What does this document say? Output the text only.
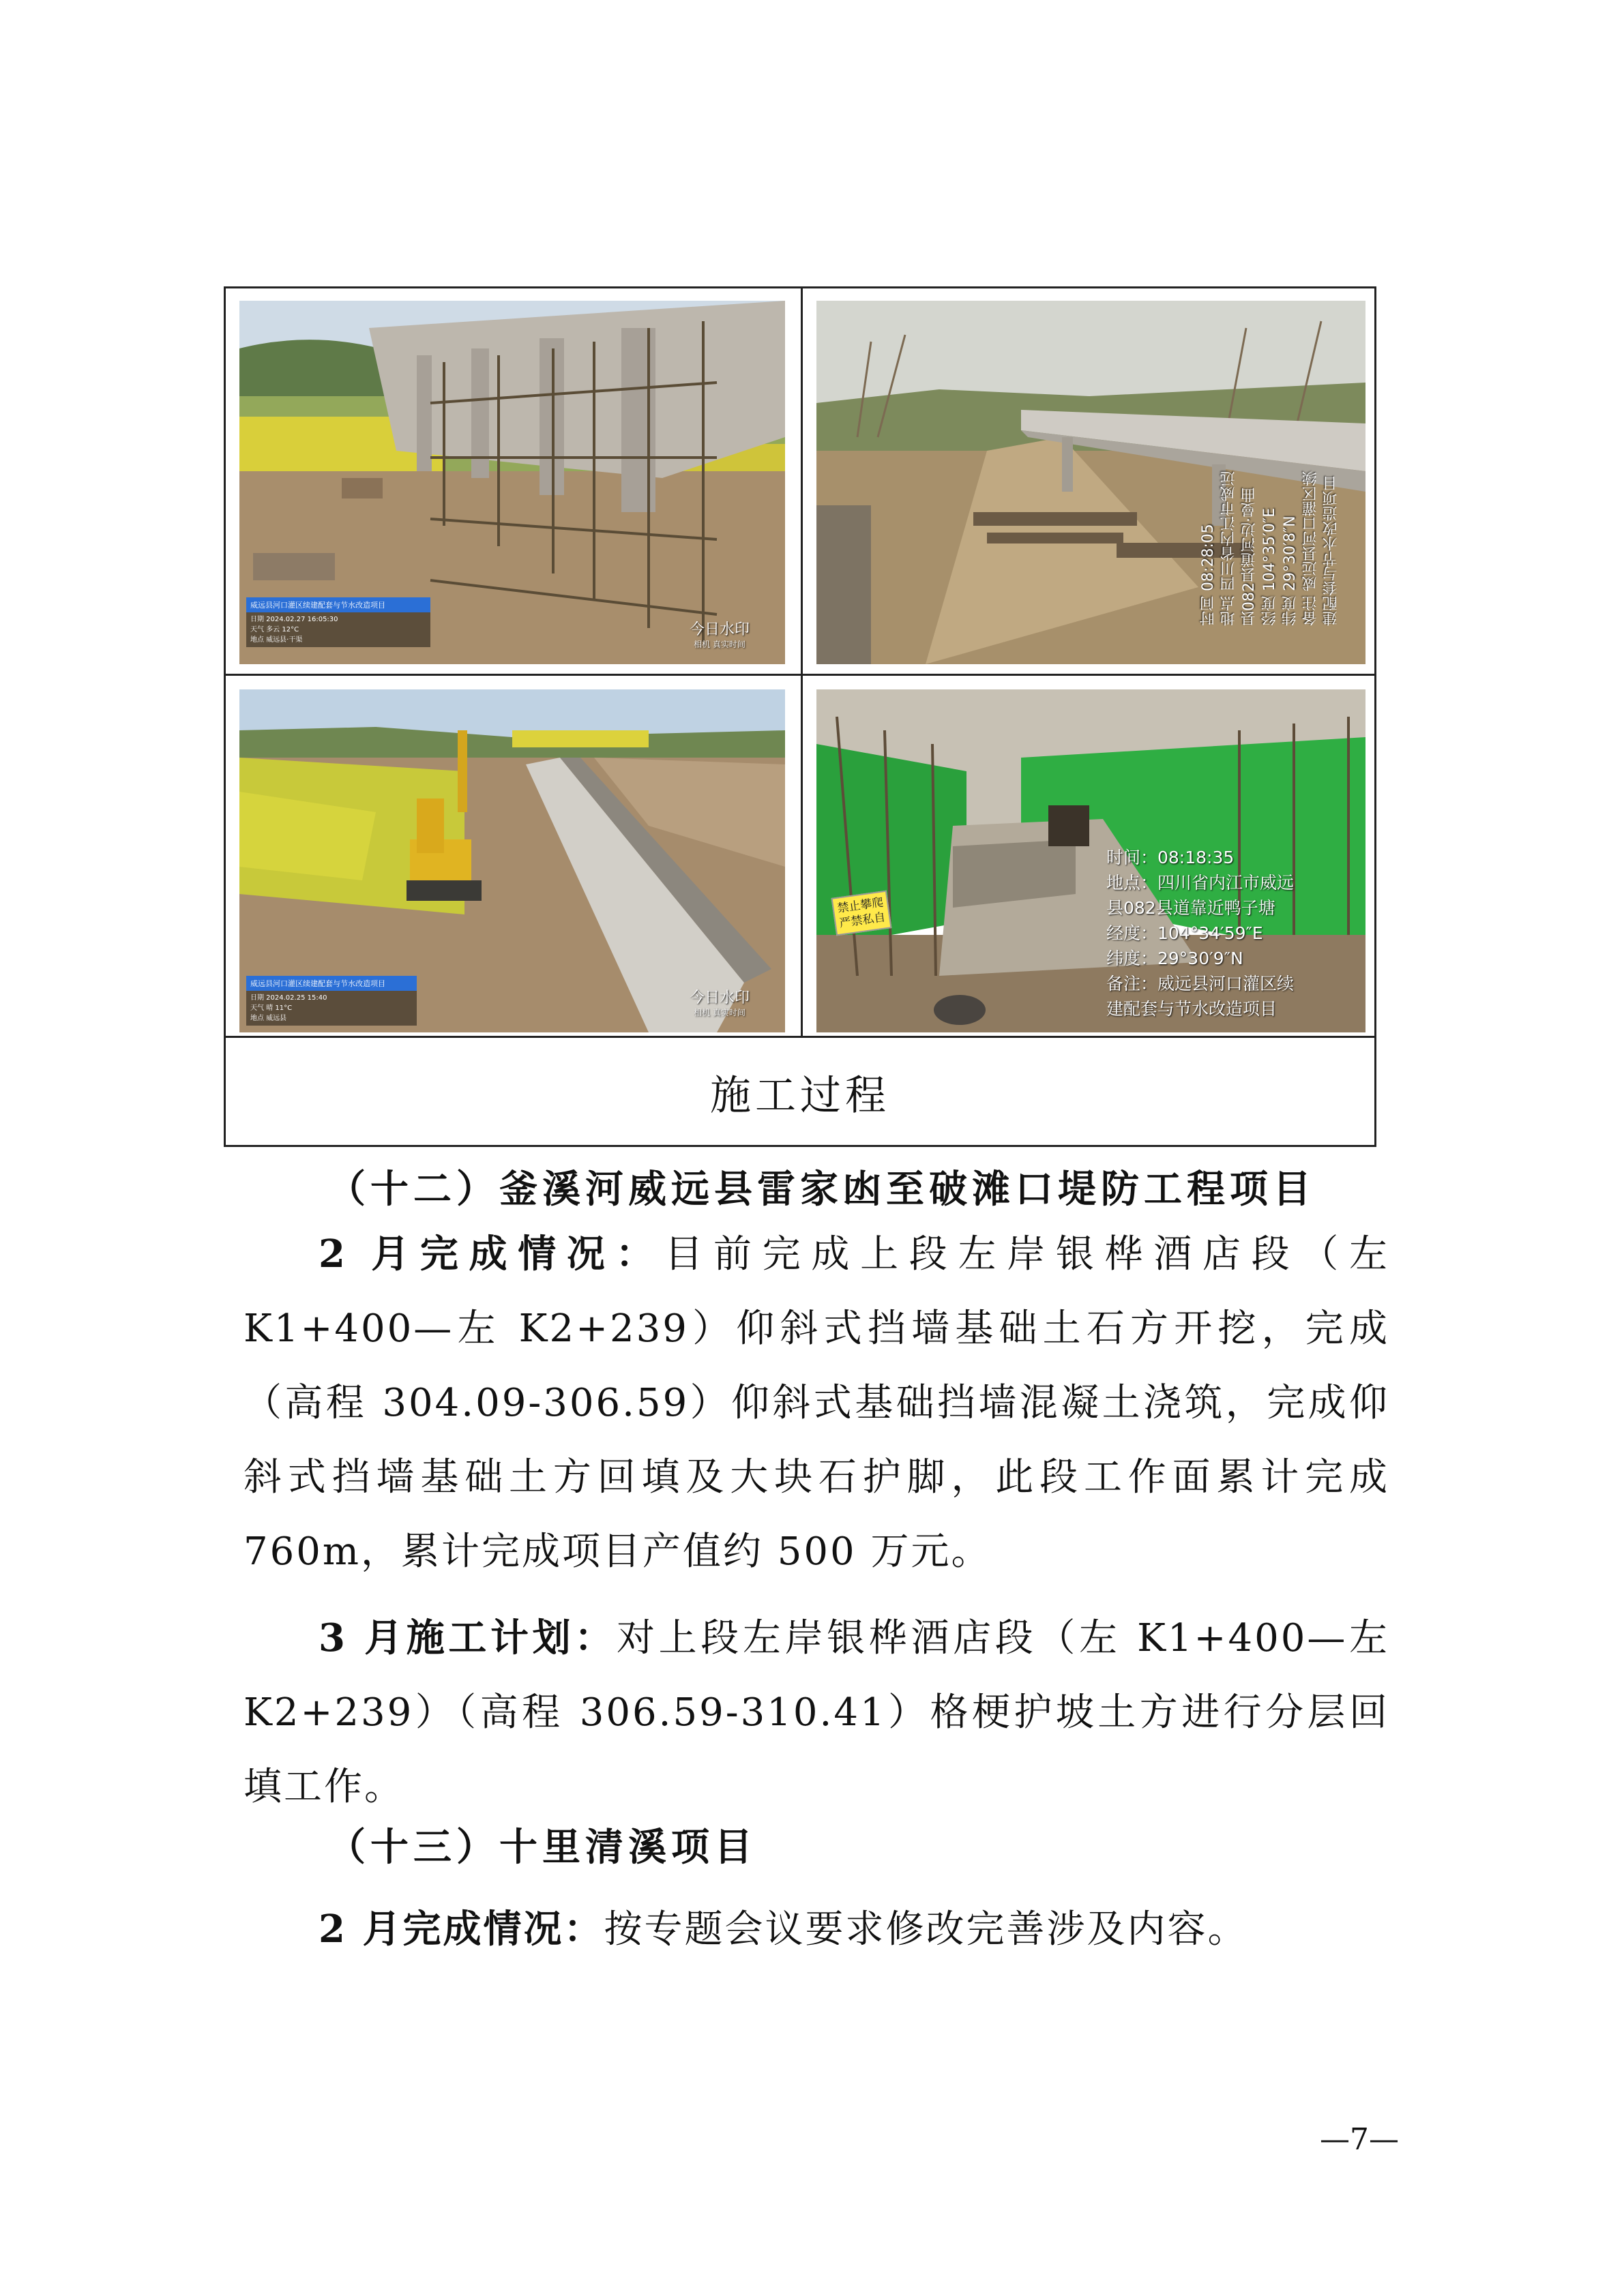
威远县河口灌区续建配套与节水改造项目
日期 2024.02.27 16:05:30
天气 多云 12°C
地点 威远县·干渠
今日水印
相机 真实时间
时间 08:28:05 地点 四川省内江市威远 县082县道河边·曼曲 经度 104°35′0″E 纬度 29°30′8″N 备注 威远县河口灌区续 建配套与节水改造项目
威远县河口灌区续建配套与节水改造项目
日期 2024.02.25 15:40
天气 晴 11°C
地点 威远县
今日水印
相机 真实时间
禁止攀爬
严禁私自
时间：08:18:35
地点：四川省内江市威远
县082县道靠近鸭子塘
经度：104°34′59″E
纬度：29°30′9″N
备注：威远县河口灌区续
建配套与节水改造项目
施工过程
（十二）釜溪河威远县雷家凼至破滩口堤防工程项目
2 月完成情况：目前完成上段左岸银桦酒店段（左 K1+400—左 K2+239）仰斜式挡墙基础土石方开挖，完成（高程 304.09-306.59）仰斜式基础挡墙混凝土浇筑，完成仰斜式挡墙基础土方回填及大块石护脚，此段工作面累计完成 760m，累计完成项目产值约 500 万元。
3 月施工计划：对上段左岸银桦酒店段（左 K1+400—左 K2+239）（高程 306.59-310.41）格梗护坡土方进行分层回填工作。
（十三）十里清溪项目
2 月完成情况：按专题会议要求修改完善涉及内容。
—7—
